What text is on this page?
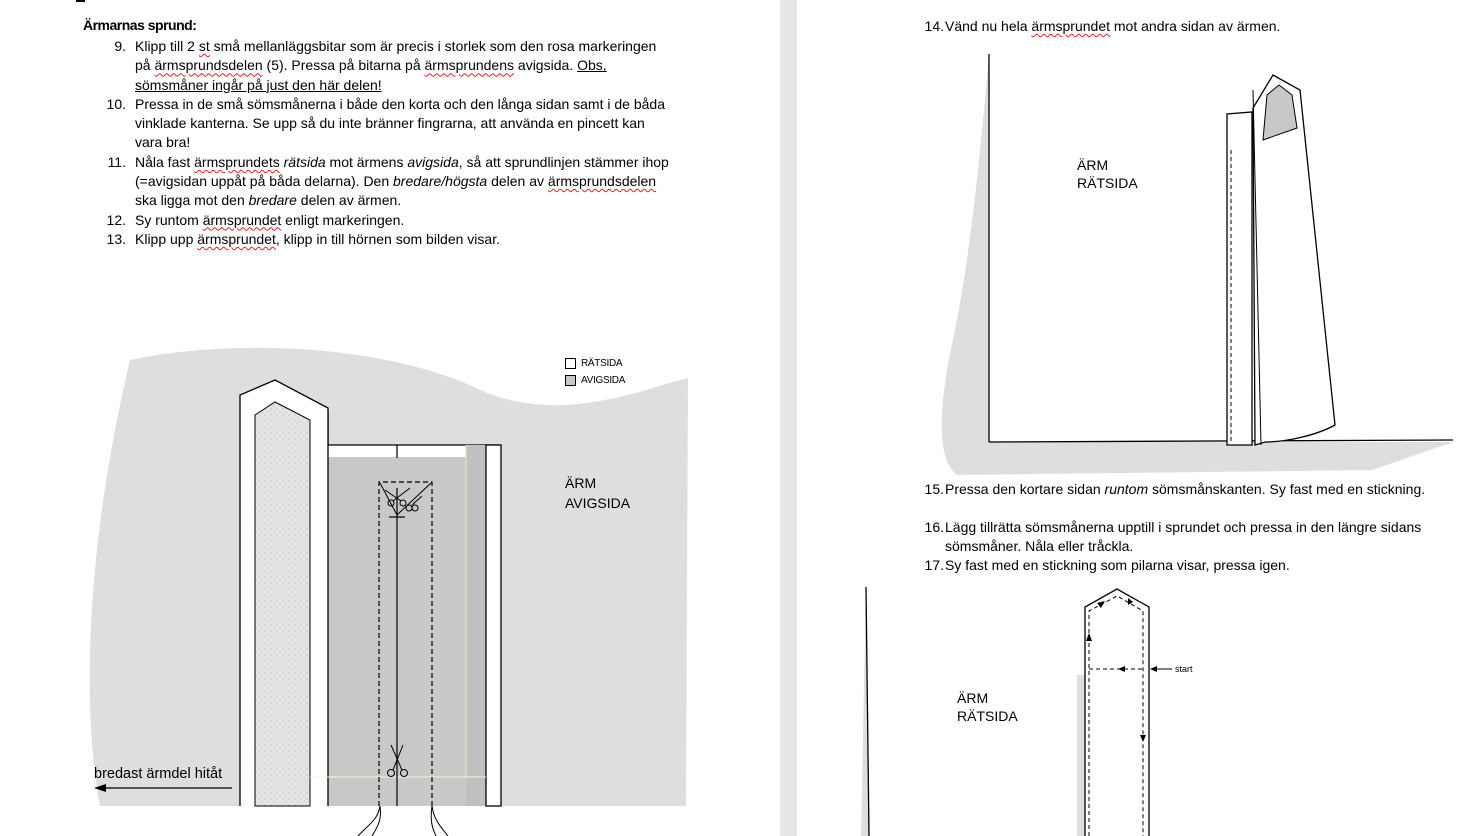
Ärmarnas sprund:
9. Klipp till 2 st små mellanläggsbitar som är precis i storlek som den rosa markeringen
på ärmsprundsdelen (5). Pressa på bitarna på ärmsprundens avigsida. Obs,
sömsmåner ingår på just den här delen!
10. Pressa in de små sömsmånerna i både den korta och den långa sidan samt i de båda
vinklade kanterna. Se upp så du inte bränner fingrarna, att använda en pincett kan
vara bra!
11. Nåla fast ärmsprundets rätsida mot ärmens avigsida, så att sprundlinjen stämmer ihop
(=avigsidan uppåt på båda delarna). Den bredare/högsta delen av ärmsprundsdelen
ska ligga mot den bredare delen av ärmen.
12. Sy runtom ärmsprundet enligt markeringen.
13. Klipp upp ärmsprundet, klipp in till hörnen som bilden visar.
RÄTSIDA
AVIGSIDA
bredast ärmdel hitåt
ÄRM
AVIGSIDA
14. Vänd nu hela ärmsprundet mot andra sidan av ärmen.
ÄRM
RÄTSIDA
15. Pressa den kortare sidan runtom sömsmånskanten. Sy fast med en stickning.
16. Lägg tillrätta sömsmånerna upptill i sprundet och pressa in den längre sidans
sömsmåner. Nåla eller tråckla.
17. Sy fast med en stickning som pilarna visar, pressa igen.
ÄRM
RÄTSIDA
start
